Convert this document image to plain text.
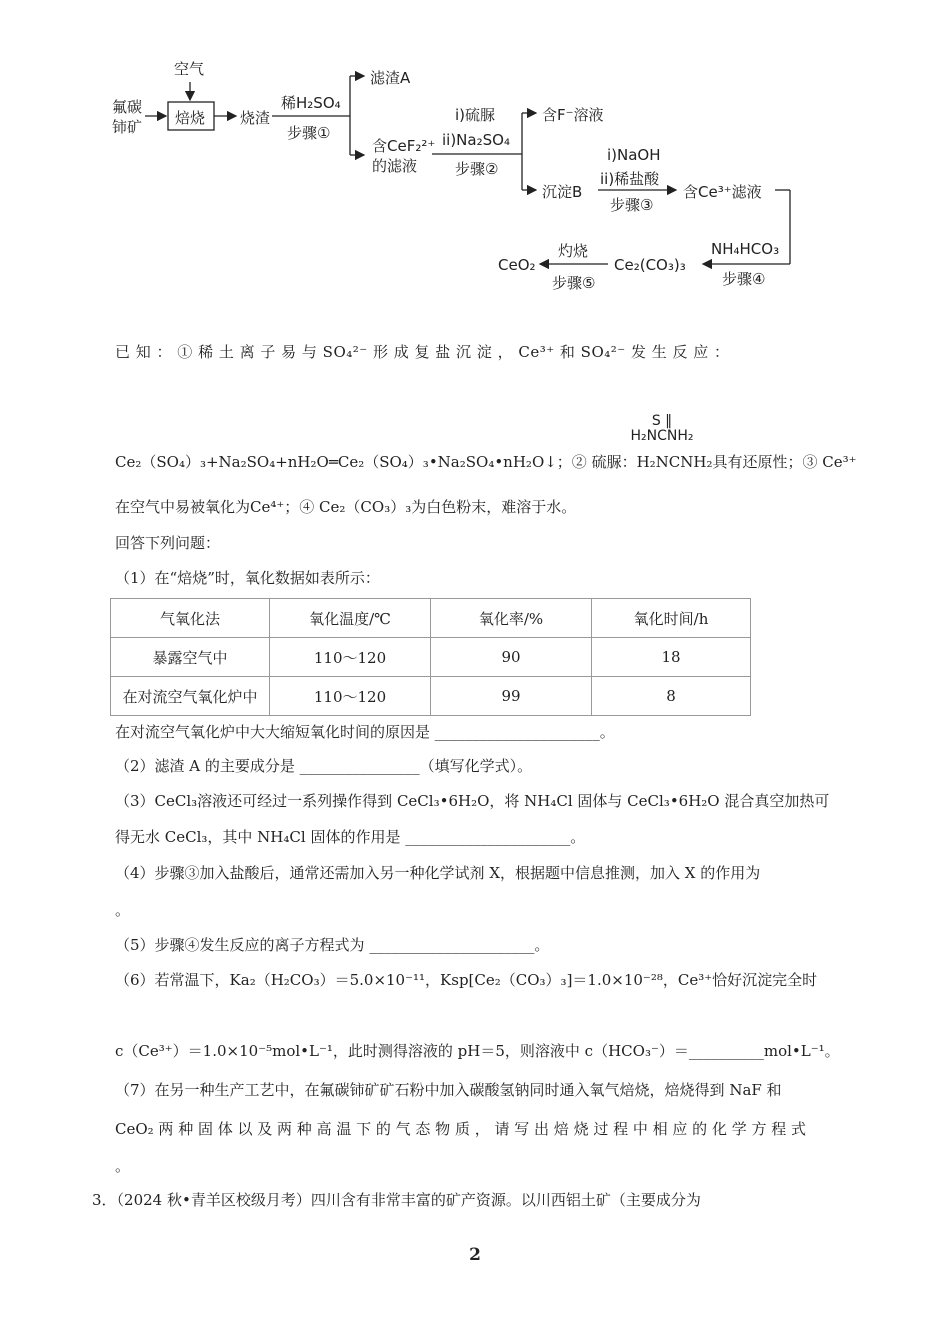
空气
氟碳
铈矿 焙烧 烧渣
稀H₂SO₄
步骤①
滤渣A
含CeF₂²⁺
的滤液
i)硫脲
ii)Na₂SO₄
步骤②
含F⁻溶液
沉淀B
i)NaOH
ii)稀盐酸
步骤③
含Ce³⁺滤液
NH₄HCO₃
步骤④
Ce₂(CO₃)₃
灼烧
步骤⑤
CeO₂
已 知 ： ① 稀 土 离 子 易 与 SO₄²⁻ 形 成 复 盐 沉 淀 ， Ce³⁺ 和 SO₄²⁻ 发 生 反 应 ：
S ‖ H₂NCNH₂
Ce₂（SO₄）₃+Na₂SO₄+nH₂O═Ce₂（SO₄）₃•Na₂SO₄•nH₂O↓；② 硫脲：H₂NCNH₂具有还原性；③ Ce³⁺
在空气中易被氧化为Ce⁴⁺；④ Ce₂（CO₃）₃为白色粉末，难溶于水。
回答下列问题：
（1）在“焙烧”时，氧化数据如表所示：
气氧化法	氧化温度/℃	氧化率/%	氧化时间/h
暴露空气中	110～120	90	18
在对流空气氧化炉中	110～120	99	8
在对流空气氧化炉中大大缩短氧化时间的原因是 ______________________。
（2）滤渣 A 的主要成分是 ________________（填写化学式）。
（3）CeCl₃溶液还可经过一系列操作得到 CeCl₃•6H₂O，将 NH₄Cl 固体与 CeCl₃•6H₂O 混合真空加热可
得无水 CeCl₃，其中 NH₄Cl 固体的作用是 ______________________。
（4）步骤③加入盐酸后，通常还需加入另一种化学试剂 X，根据题中信息推测，加入 X 的作用为
。
（5）步骤④发生反应的离子方程式为 ______________________。
（6）若常温下，Ka₂（H₂CO₃）＝5.0×10⁻¹¹，Ksp[Ce₂（CO₃）₃]＝1.0×10⁻²⁸，Ce³⁺恰好沉淀完全时
c（Ce³⁺）＝1.0×10⁻⁵mol•L⁻¹，此时测得溶液的 pH＝5，则溶液中 c（HCO₃⁻）＝__________mol•L⁻¹。
（7）在另一种生产工艺中，在氟碳铈矿矿石粉中加入碳酸氢钠同时通入氧气焙烧，焙烧得到 NaF 和
CeO₂ 两 种 固 体 以 及 两 种 高 温 下 的 气 态 物 质 ， 请 写 出 焙 烧 过 程 中 相 应 的 化 学 方 程 式
。
3．（2024 秋•青羊区校级月考）四川含有非常丰富的矿产资源。以川西铝土矿（主要成分为
2
